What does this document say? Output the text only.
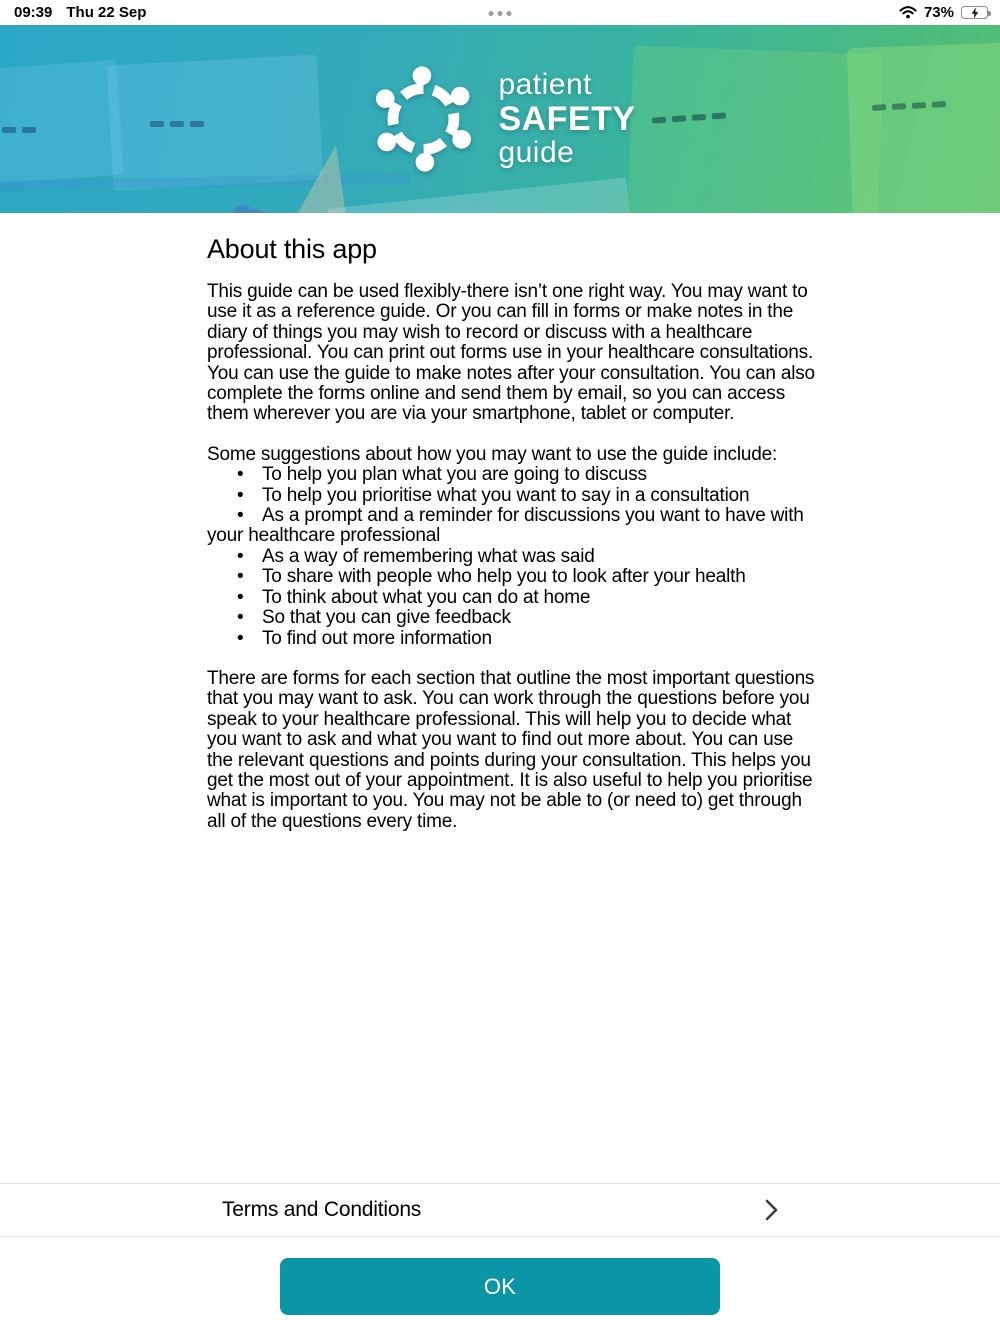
09:39 Thu 22 Sep	73%
patient
SAFETY
guide
About this app

This guide can be used flexibly-there isn’t one right way. You may want to use it as a reference guide. Or you can fill in forms or make notes in the diary of things you may wish to record or discuss with a healthcare professional. You can print out forms use in your healthcare consultations. You can use the guide to make notes after your consultation. You can also complete the forms online and send them by email, so you can access them wherever you are via your smartphone, tablet or computer.

Some suggestions about how you may want to use the guide include:

• To help you plan what you are going to discuss
• To help you prioritise what you want to say in a consultation
• As a prompt and a reminder for discussions you want to have with your healthcare professional
• As a way of remembering what was said
• To share with people who help you to look after your health
• To think about what you can do at home
• So that you can give feedback
• To find out more information

There are forms for each section that outline the most important questions that you may want to ask. You can work through the questions before you speak to your healthcare professional. This will help you to decide what you want to ask and what you want to find out more about. You can use the relevant questions and points during your consultation. This helps you get the most out of your appointment. It is also useful to help you prioritise what is important to you. You may not be able to (or need to) get through all of the questions every time.

Terms and Conditions
OK
